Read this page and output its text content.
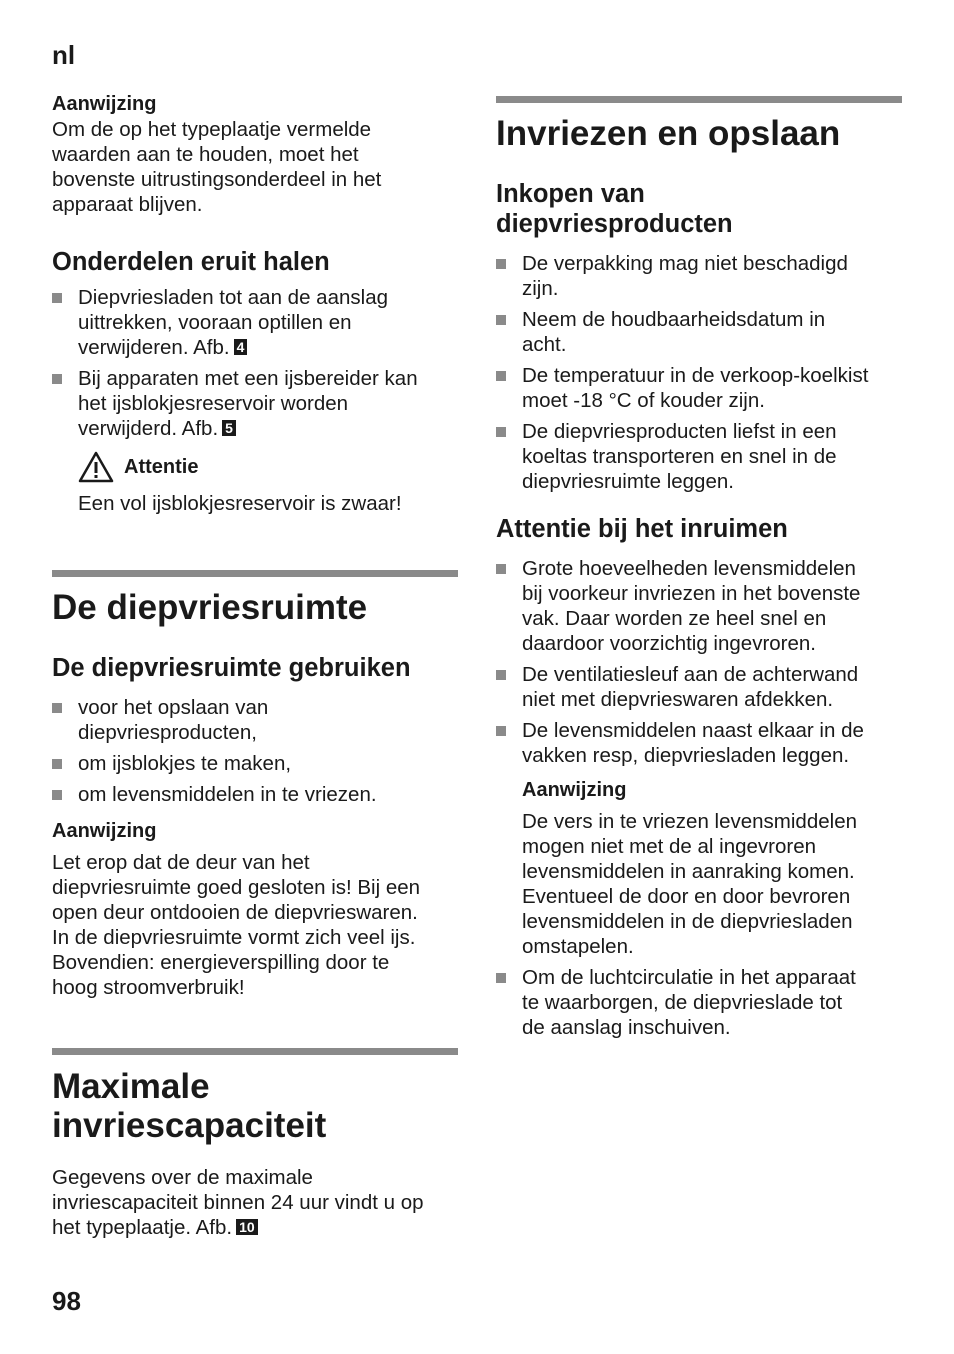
nl

Aanwijzing

Om de op het typeplaatje vermelde
waarden aan te houden, moet het
bovenste uitrustingsonderdeel in het
apparaat blijven.

Onderdelen eruit halen

Diepvriesladen tot aan de aanslag
uittrekken, vooraan optillen en
verwijderen. Afb. 4
Bij apparaten met een ijsbereider kan
het ijsblokjesreservoir worden
verwijderd. Afb. 5
Attentie

Een vol ijsblokjesreservoir is zwaar!

De diepvriesruimte

De diepvriesruimte gebruiken

voor het opslaan van
diepvriesproducten,
om ijsblokjes te maken,
om levensmiddelen in te vriezen.

Aanwijzing

Let erop dat de deur van het
diepvriesruimte goed gesloten is! Bij een
open deur ontdooien de diepvrieswaren.
In de diepvriesruimte vormt zich veel ijs.
Bovendien: energieverspilling door te
hoog stroomverbruik!

Maximale
invriescapaciteit

Gegevens over de maximale
invriescapaciteit binnen 24 uur vindt u op
het typeplaatje. Afb. 10

Invriezen en opslaan

Inkopen van
diepvriesproducten

De verpakking mag niet beschadigd
zijn.
Neem de houdbaarheidsdatum in
acht.
De temperatuur in de verkoop-koelkist
moet -18 °C of kouder zijn.
De diepvriesproducten liefst in een
koeltas transporteren en snel in de
diepvriesruimte leggen.

Attentie bij het inruimen

Grote hoeveelheden levensmiddelen
bij voorkeur invriezen in het bovenste
vak. Daar worden ze heel snel en
daardoor voorzichtig ingevroren.
De ventilatiesleuf aan de achterwand
niet met diepvrieswaren afdekken.
De levensmiddelen naast elkaar in de
vakken resp, diepvriesladen leggen.

Aanwijzing

De vers in te vriezen levensmiddelen
mogen niet met de al ingevroren
levensmiddelen in aanraking komen.
Eventueel de door en door bevroren
levensmiddelen in de diepvriesladen
omstapelen.

Om de luchtcirculatie in het apparaat
te waarborgen, de diepvrieslade tot
de aanslag inschuiven.
98
